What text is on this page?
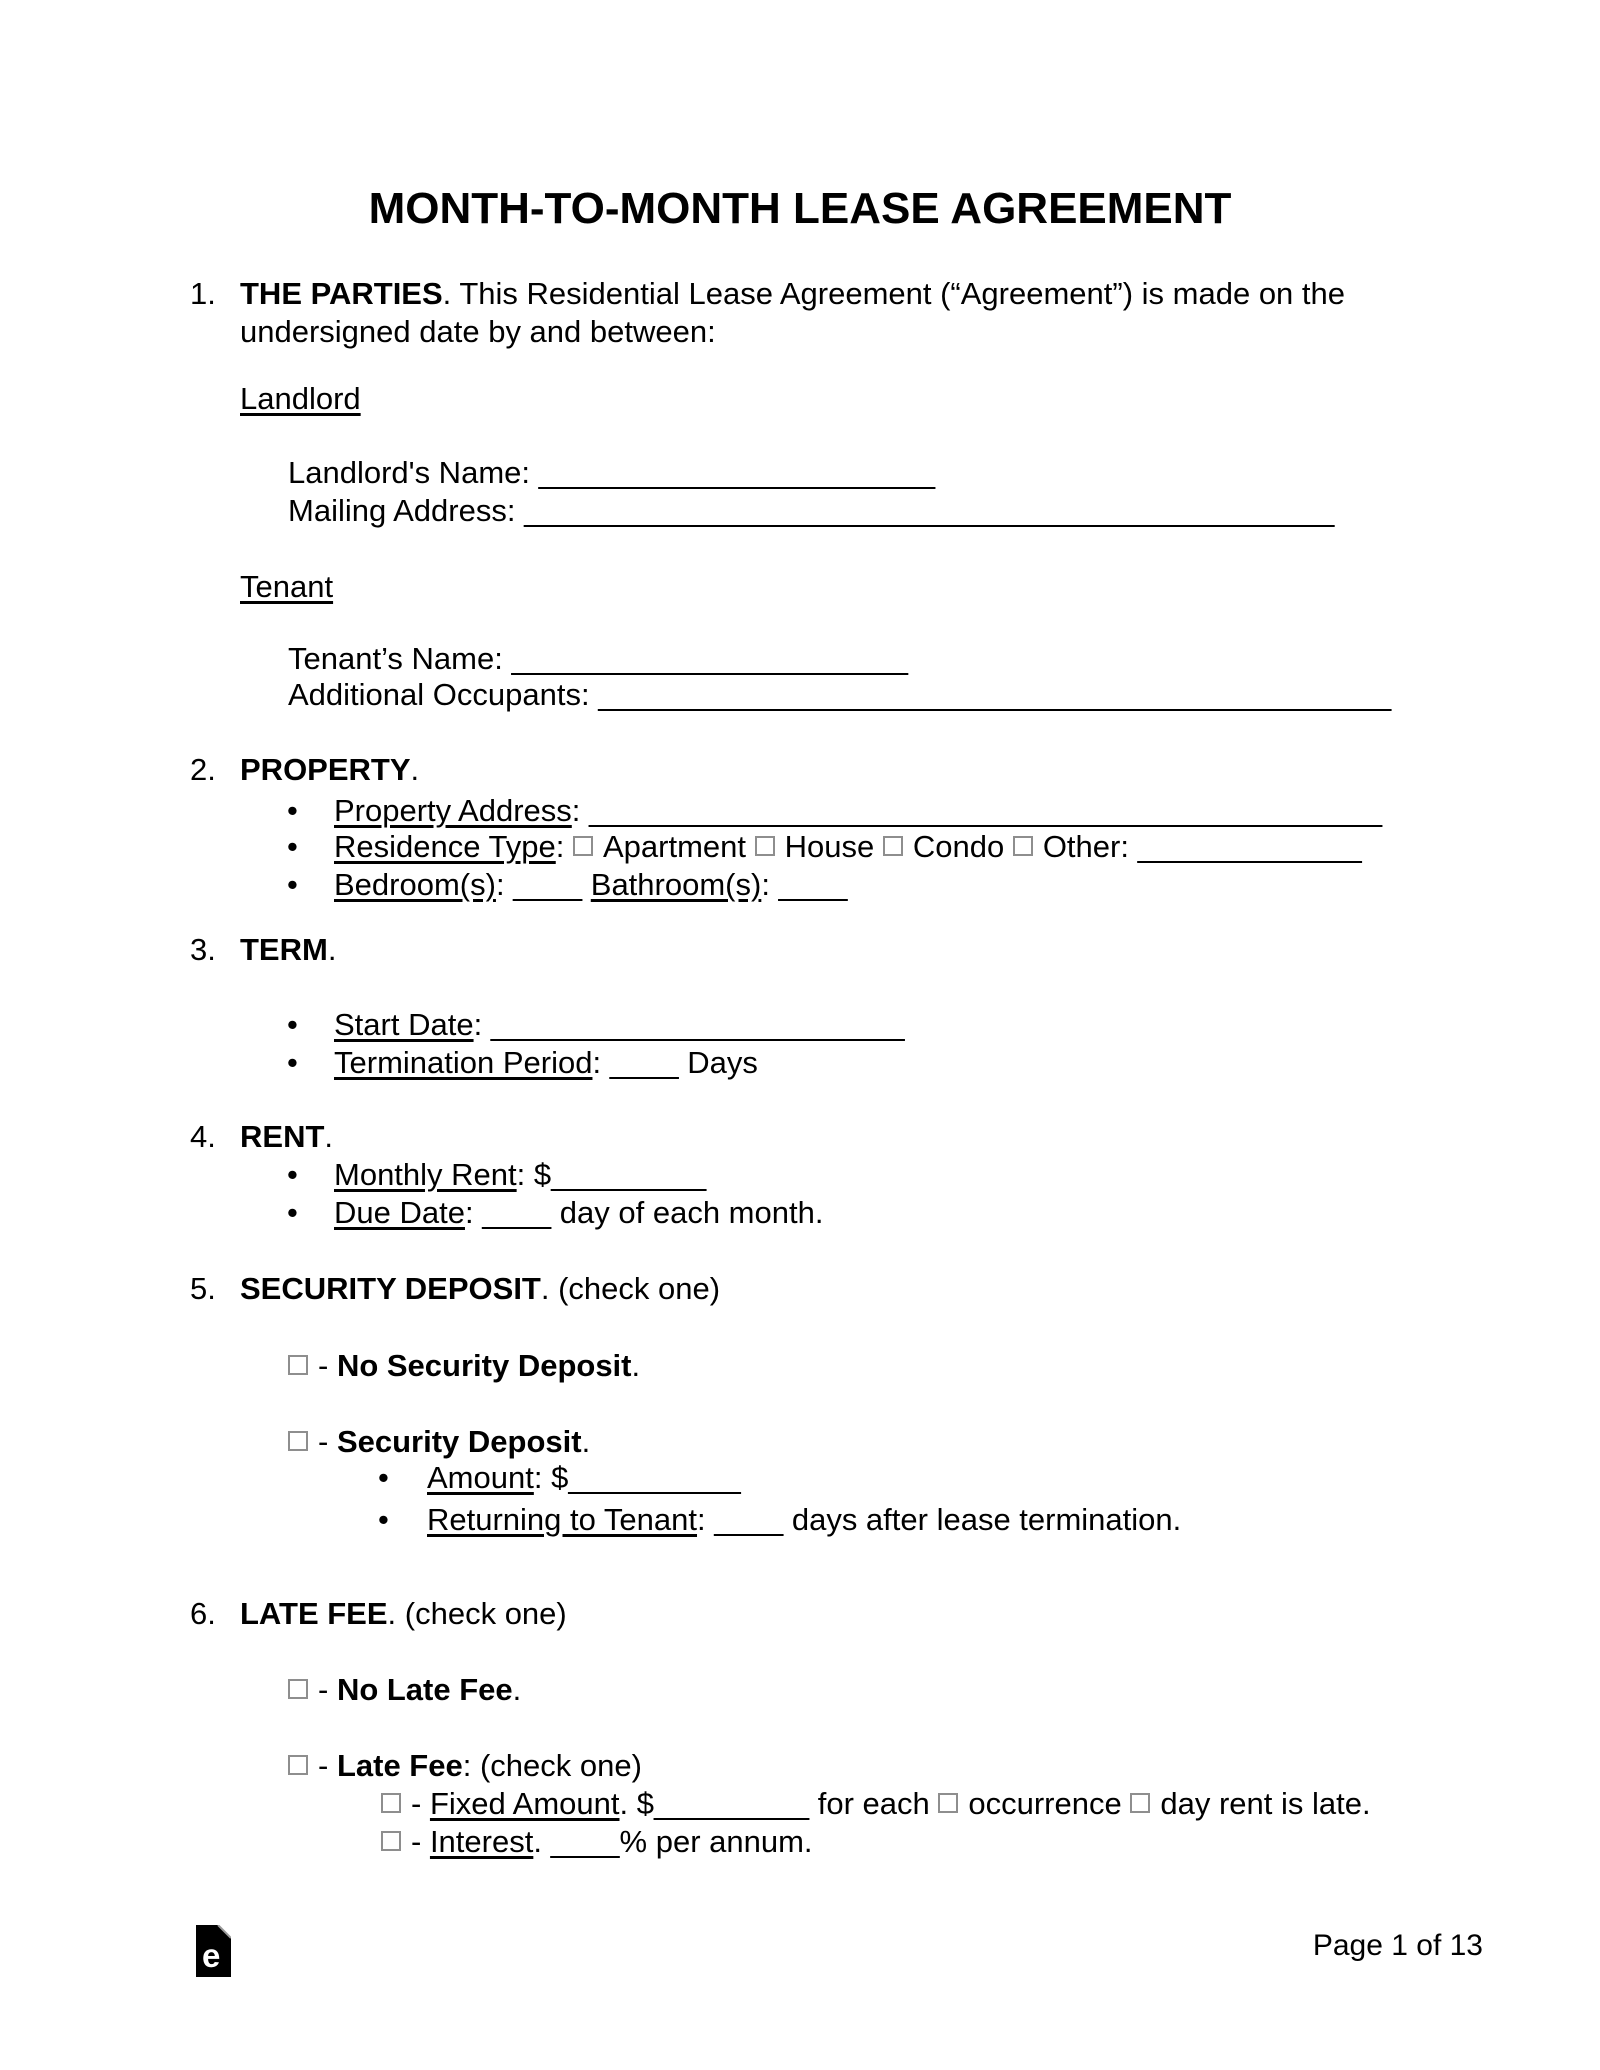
MONTH-TO-MONTH LEASE AGREEMENT
1. THE PARTIES. This Residential Lease Agreement (“Agreement”) is made on the undersigned date by and between:
Landlord
Landlord's Name: _______________________
Mailing Address: _______________________________________________
Tenant
Tenant’s Name: _______________________
Additional Occupants: ______________________________________________
2. PROPERTY.
• Property Address: ______________________________________________
• Residence Type: Apartment House Condo Other: _____________
• Bedroom(s): ____ Bathroom(s): ____
3. TERM.
• Start Date: ________________________
• Termination Period: ____ Days
4. RENT.
• Monthly Rent: $_________
• Due Date: ____ day of each month.
5. SECURITY DEPOSIT. (check one)
- No Security Deposit.
- Security Deposit.
• Amount: $__________
• Returning to Tenant: ____ days after lease termination.
6. LATE FEE. (check one)
- No Late Fee.
- Late Fee: (check one)
- Fixed Amount. $_________ for each occurrence day rent is late.
- Interest. ____% per annum.
e	Page 1 of 13
